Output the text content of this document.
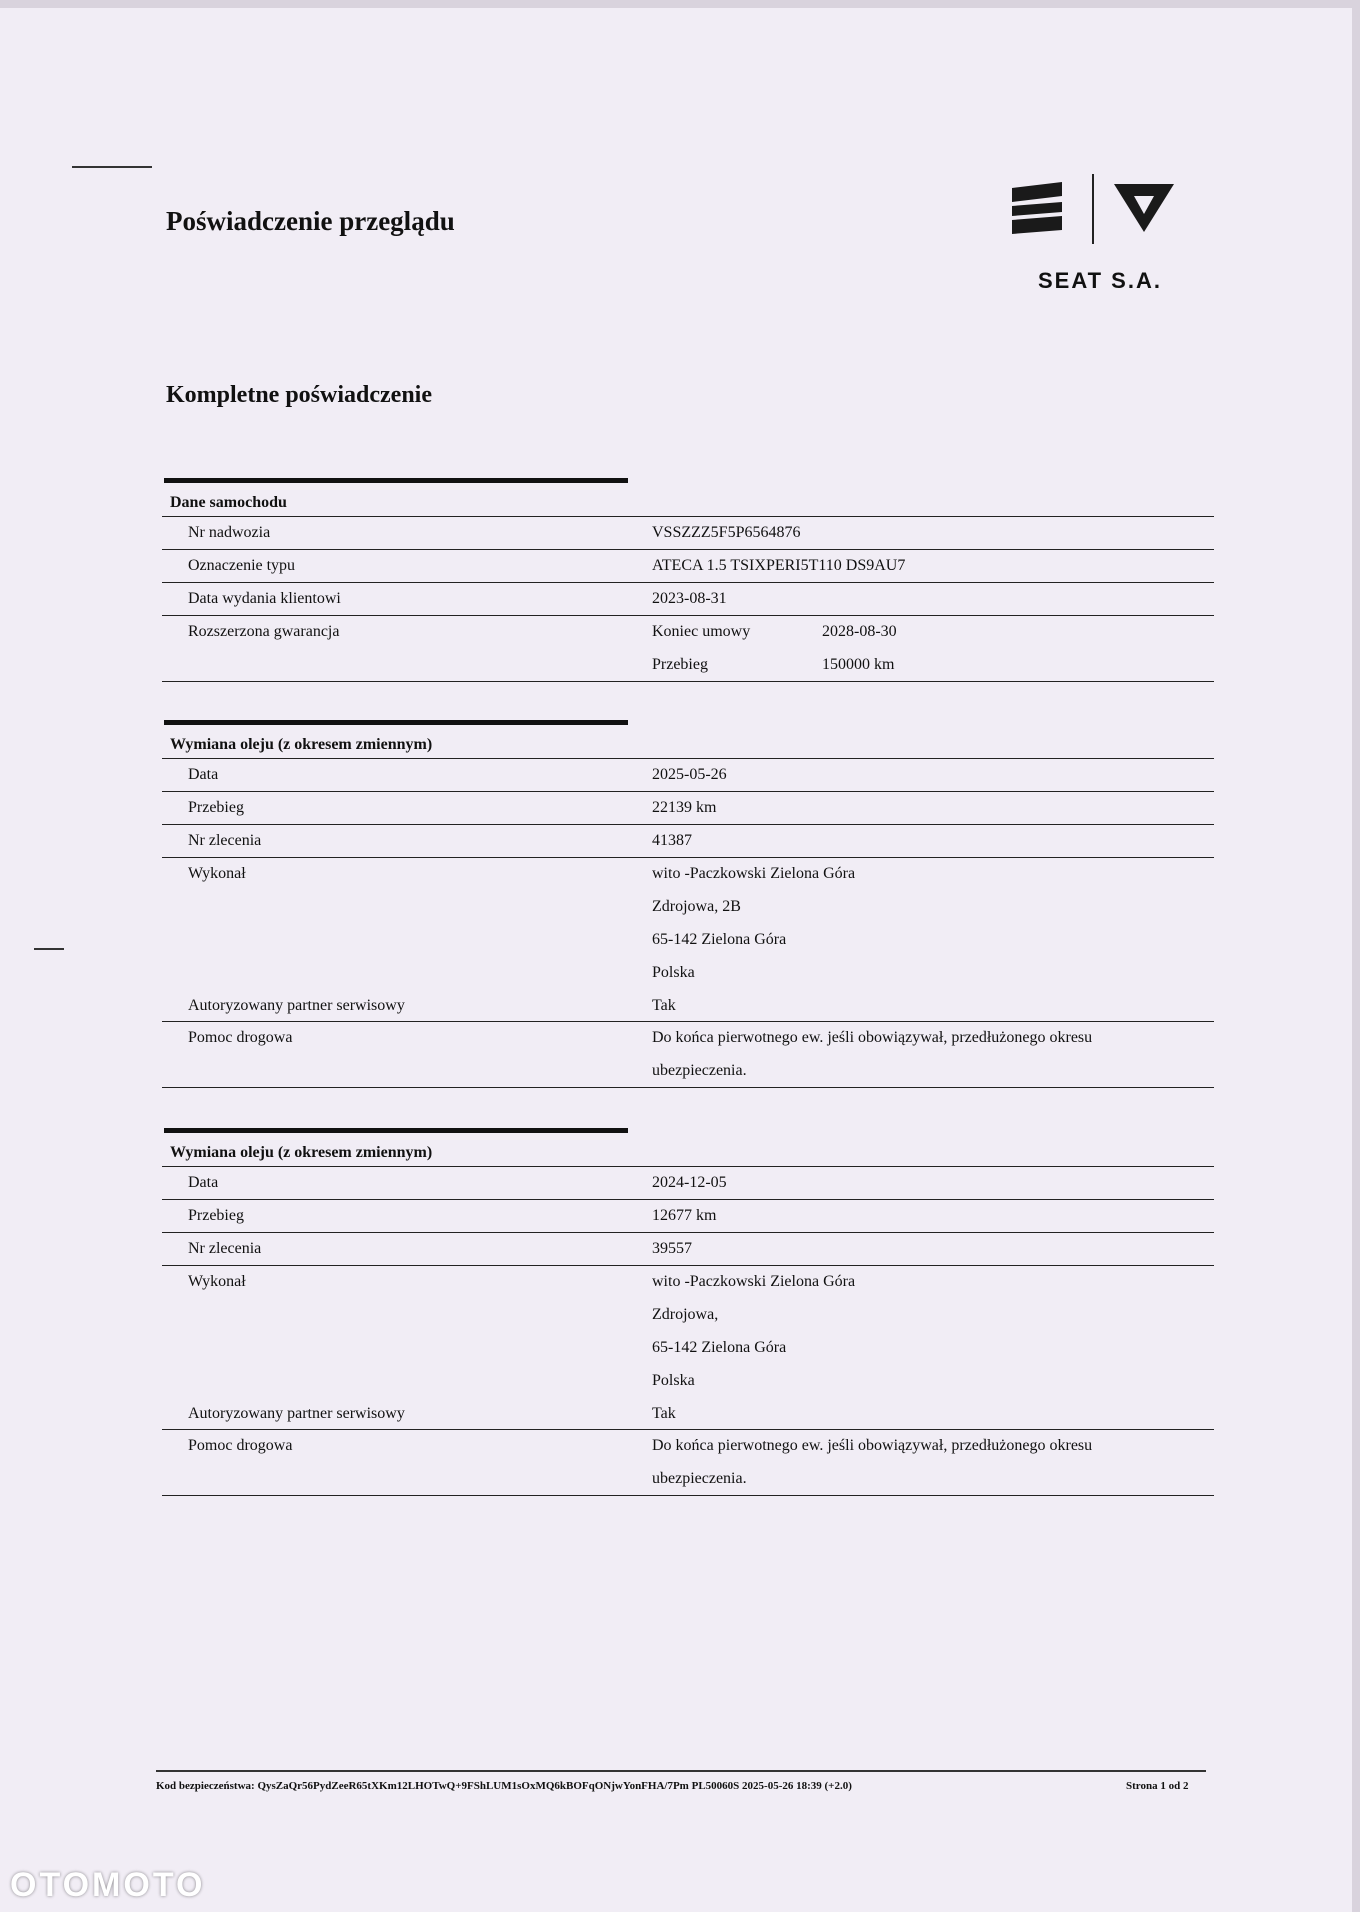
Poświadczenie przeglądu
SEAT S.A.
Kompletne poświadczenie
Dane samochodu
Nr nadwozia	VSSZZZ5F5P6564876
Oznaczenie typu	ATECA 1.5 TSIXPERI5T110 DS9AU7
Data wydania klientowi	2023-08-31
Rozszerzona gwarancja	Koniec umowy	2028-08-30
Przebieg	150000 km
Wymiana oleju (z okresem zmiennym)
Data	2025-05-26
Przebieg	22139 km
Nr zlecenia	41387
Wykonał	wito -Paczkowski Zielona Góra
Zdrojowa, 2B
65-142 Zielona Góra
Polska
Autoryzowany partner serwisowy	Tak
Pomoc drogowa	Do końca pierwotnego ew. jeśli obowiązywał, przedłużonego okresu
ubezpieczenia.
Wymiana oleju (z okresem zmiennym)
Data	2024-12-05
Przebieg	12677 km
Nr zlecenia	39557
Wykonał	wito -Paczkowski Zielona Góra
Zdrojowa,
65-142 Zielona Góra
Polska
Autoryzowany partner serwisowy	Tak
Pomoc drogowa	Do końca pierwotnego ew. jeśli obowiązywał, przedłużonego okresu
ubezpieczenia.
Kod bezpieczeństwa: QysZaQr56PydZeeR65tXKm12LHOTwQ+9FShLUM1sOxMQ6kBOFqONjwYonFHA/7Pm PL50060S 2025-05-26 18:39 (+2.0)	Strona 1 od 2
OTOMOTO
